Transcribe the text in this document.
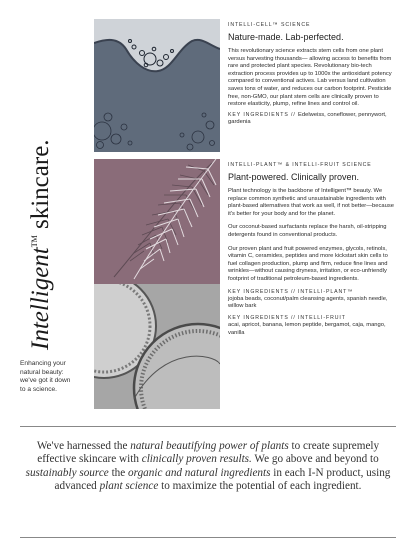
Intelligent™ skincare.
Enhancing your
natural beauty:
we've got it down
to a science.
INTELLI-CELL™ SCIENCE
Nature-made. Lab-perfected.
This revolutionary science extracts stem cells from one plant versus harvesting thousands— allowing access to benefits from rare and protected plant species. Revolutionary bio-tech extraction process provides up to 1000x the antioxidant potency compared to conventional actives. Lab versus land cultivation saves tons of water, and reduces our carbon footprint. Pesticide free, non-GMO, our plant stem cells are clinically proven to restore elasticity, plump, refine lines and control oil.
KEY INGREDIENTS // Edelweiss, coneflower, pennywort, gardenia
INTELLI-PLANT™ & INTELLI-FRUIT SCIENCE
Plant-powered. Clinically proven.
Plant technology is the backbone of Intelligent™ beauty. We replace common synthetic and unsustainable ingredients with plant-based alternatives that work as well, if not better—because it's better for your body and for the planet.
Our coconut-based surfactants replace the harsh, oil-stripping detergents found in conventional products.
Our proven plant and fruit powered enzymes, glycols, retinols, vitamin C, ceramides, peptides and more kickstart skin cells to fuel collagen production, plump and firm, reduce fine lines and wrinkles—without causing dryness, irritation, or eco-unfriendly footprint of traditional petroleum-based ingredients.
KEY INGREDIENTS // INTELLI-PLANT™
jojoba beads, coconut/palm cleansing agents, spanish needle, willow bark
KEY INGREDIENTS // INTELLI-FRUIT
acai, apricot, banana, lemon peptide, bergamot, caja, mango, vanilla
We've harnessed the natural beautifying power of plants to create supremely
effective skincare with clinically proven results. We go above and beyond to
sustainably source the organic and natural ingredients in each I-N product, using
advanced plant science to maximize the potential of each ingredient.
